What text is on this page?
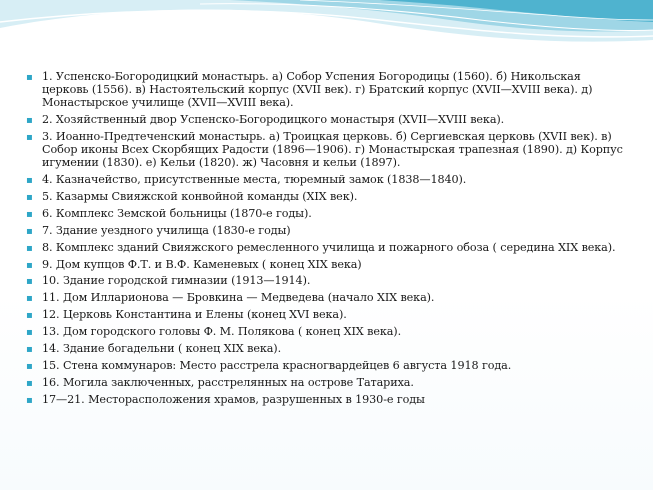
▪ 1. Успенско-Богородицкий монастырь. а) Собор Успения Богородицы (1560). б) Никольская церковь (1556). в) Настоятельский корпус (XVII век). г) Братский корпус (XVII—XVIII века). д) Монастырское училище (XVII—XVIII века).
▪ 2. Хозяйственный двор Успенско-Богородицкого монастыря (XVII—XVIII века).
▪ 3. Иоанно-Предтеченский монастырь. а) Троицкая церковь. б) Сергиевская церковь (XVII век). в) Собор иконы Всех Скорбящих Радости (1896—1906). г) Монастырская трапезная (1890). д) Корпус игумении (1830). е) Кельи (1820). ж) Часовня и кельи (1897).
▪ 4. Казначейство, присутственные места, тюремный замок (1838—1840).
▪ 5. Казармы Свияжской конвойной команды (XIX век).
▪ 6. Комплекс Земской больницы (1870-е годы).
▪ 7. Здание уездного училища (1830-е годы)
▪ 8. Комплекс зданий Свияжского ремесленного училища и пожарного обоза ( середина XIX века).
▪ 9. Дом купцов Ф.Т. и В.Ф. Каменевых ( конец XIX века)
▪ 10. Здание городской гимназии (1913—1914).
▪ 11. Дом Илларионова — Бровкина — Медведева (начало XIX века).
▪ 12. Церковь Константина и Елены (конец XVI века).
▪ 13. Дом городского головы Ф. М. Полякова ( конец XIX века).
▪ 14. Здание богадельни ( конец XIX века).
▪ 15. Стена коммунаров: Место расстрела красногвардейцев 6 августа 1918 года.
▪ 16. Могила заключенных, расстрелянных на острове Татариха.
▪ 17—21. Месторасположения храмов, разрушенных в 1930-е годы
